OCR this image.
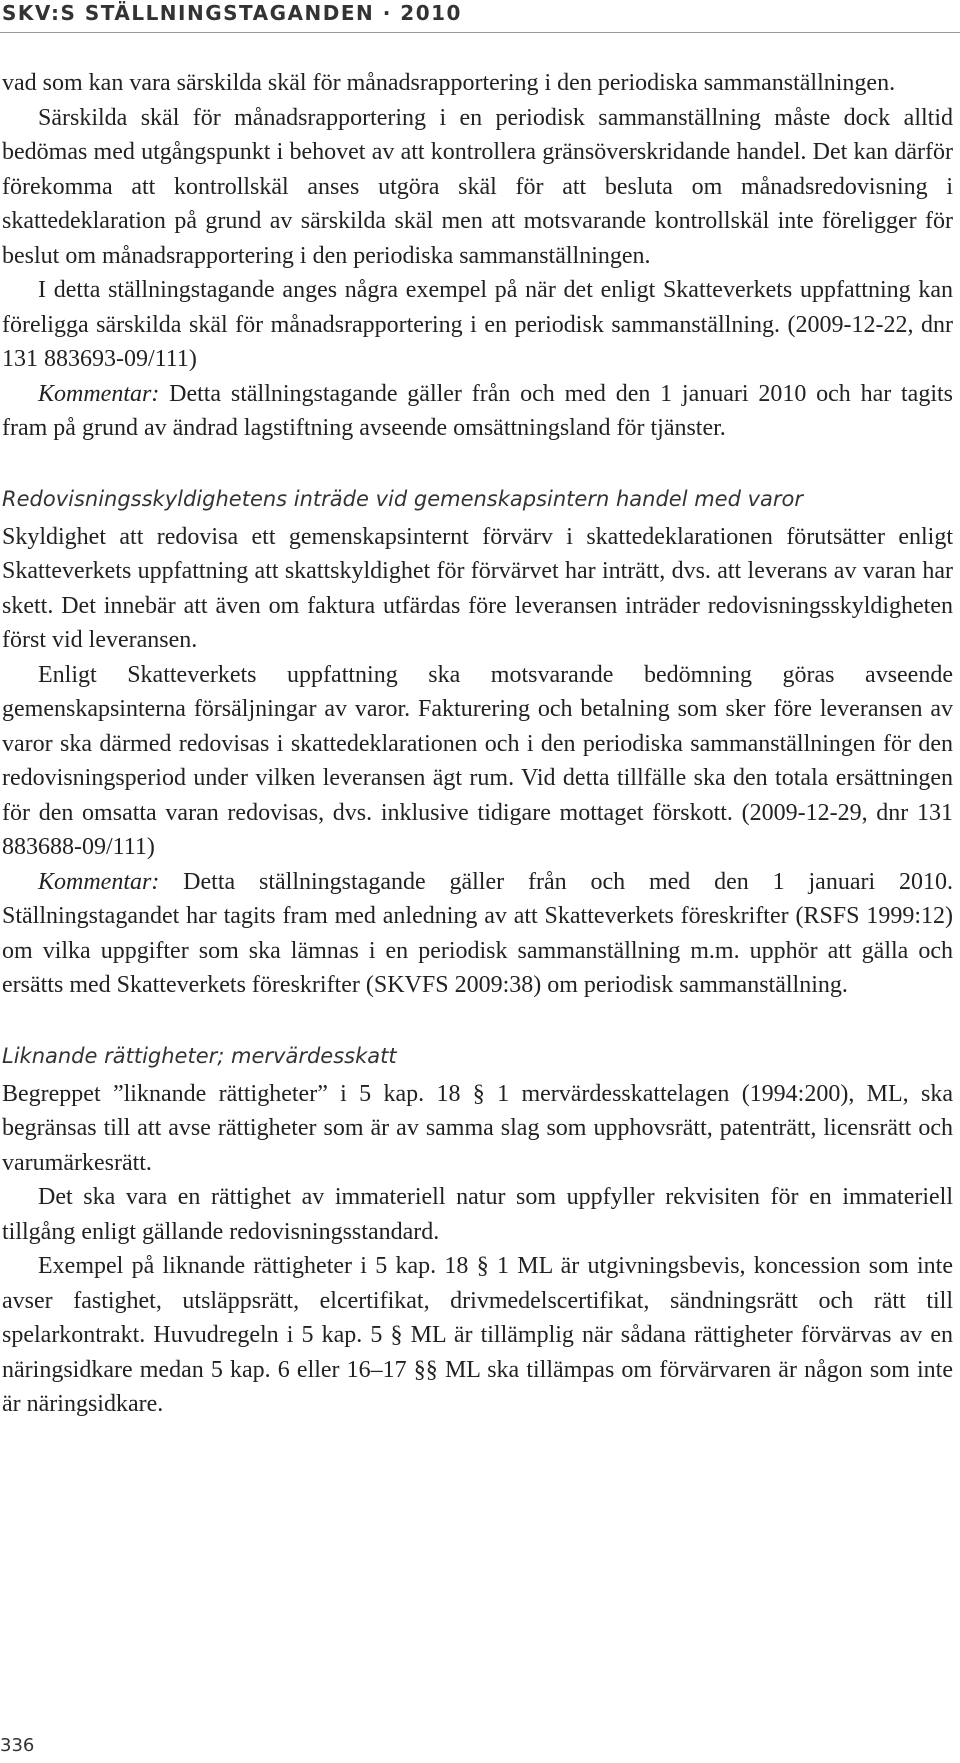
SKV:S STÄLLNINGSTAGANDEN · 2010

vad som kan vara särskilda skäl för månadsrapportering i den periodiska sammanställningen.

Särskilda skäl för månadsrapportering i en periodisk sammanställning måste dock alltid bedömas med utgångspunkt i behovet av att kontrollera gränsöverskridande handel. Det kan därför förekomma att kontrollskäl anses utgöra skäl för att besluta om månadsredovisning i skattedeklaration på grund av särskilda skäl men att motsvarande kontrollskäl inte föreligger för beslut om månadsrapportering i den periodiska sammanställningen.

I detta ställningstagande anges några exempel på när det enligt Skatteverkets uppfattning kan föreligga särskilda skäl för månadsrapportering i en periodisk sammanställning. (2009-12-22, dnr 131 883693-09/111)

Kommentar: Detta ställningstagande gäller från och med den 1 januari 2010 och har tagits fram på grund av ändrad lagstiftning avseende omsättningsland för tjänster.

Redovisningsskyldighetens inträde vid gemenskapsintern handel med varor

Skyldighet att redovisa ett gemenskapsinternt förvärv i skattedeklarationen förutsätter enligt Skatteverkets uppfattning att skattskyldighet för förvärvet har inträtt, dvs. att leverans av varan har skett. Det innebär att även om faktura utfärdas före leveransen inträder redovisningsskyldigheten först vid leveransen.

Enligt Skatteverkets uppfattning ska motsvarande bedömning göras avseende gemenskapsinterna försäljningar av varor. Fakturering och betalning som sker före leveransen av varor ska därmed redovisas i skattedeklarationen och i den periodiska sammanställningen för den redovisningsperiod under vilken leveransen ägt rum. Vid detta tillfälle ska den totala ersättningen för den omsatta varan redovisas, dvs. inklusive tidigare mottaget förskott. (2009-12-29, dnr 131 883688-09/111)

Kommentar: Detta ställningstagande gäller från och med den 1 januari 2010. Ställningstagandet har tagits fram med anledning av att Skatteverkets föreskrifter (RSFS 1999:12) om vilka uppgifter som ska lämnas i en periodisk sammanställning m.m. upphör att gälla och ersätts med Skatteverkets föreskrifter (SKVFS 2009:38) om periodisk sammanställning.

Liknande rättigheter; mervärdesskatt

Begreppet ”liknande rättigheter” i 5 kap. 18 § 1 mervärdesskattelagen (1994:200), ML, ska begränsas till att avse rättigheter som är av samma slag som upphovsrätt, patenträtt, licensrätt och varumärkesrätt.

Det ska vara en rättighet av immateriell natur som uppfyller rekvisiten för en immateriell tillgång enligt gällande redovisningsstandard.

Exempel på liknande rättigheter i 5 kap. 18 § 1 ML är utgivningsbevis, koncession som inte avser fastighet, utsläppsrätt, elcertifikat, drivmedelscertifikat, sändningsrätt och rätt till spelarkontrakt. Huvudregeln i 5 kap. 5 § ML är tillämplig när sådana rättigheter förvärvas av en näringsidkare medan 5 kap. 6 eller 16–17 §§ ML ska tillämpas om förvärvaren är någon som inte är näringsidkare.

336
